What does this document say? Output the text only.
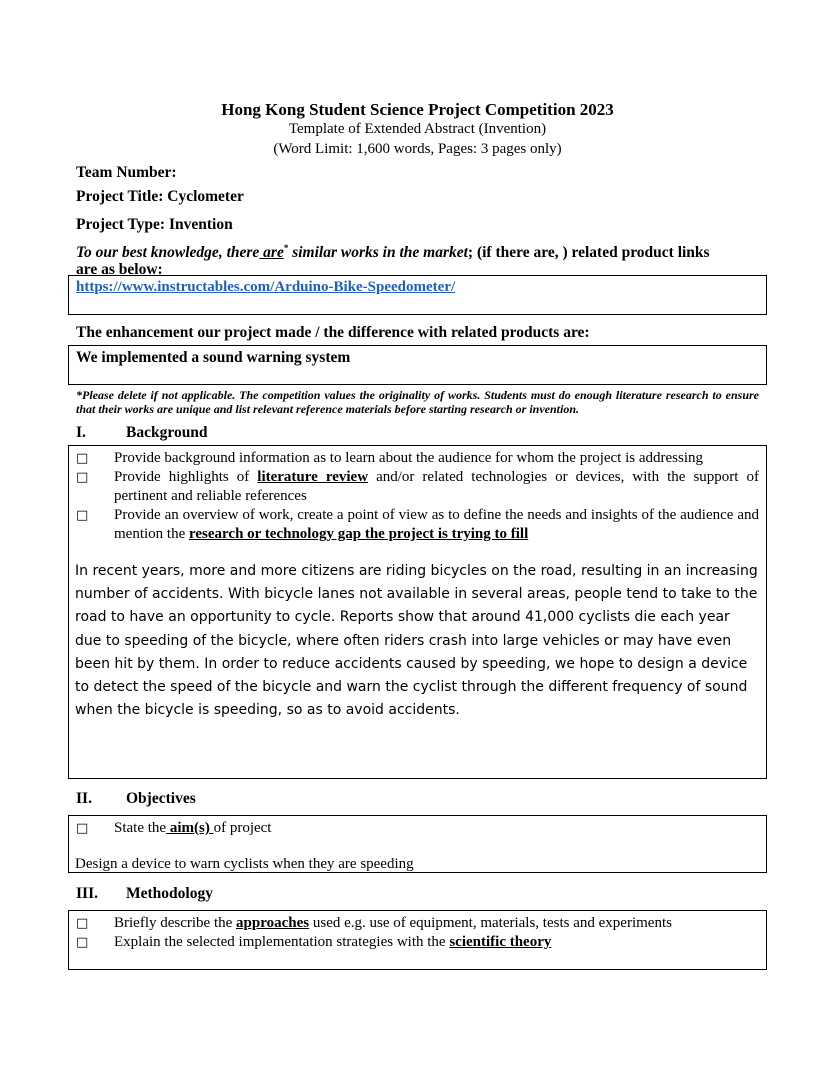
Hong Kong Student Science Project Competition 2023
Template of Extended Abstract (Invention)
(Word Limit: 1,600 words, Pages: 3 pages only)
Team Number:
Project Title: Cyclometer
Project Type: Invention
To our best knowledge, there are* similar works in the market; (if there are, ) related product links
are as below:
https://www.instructables.com/Arduino-Bike-Speedometer/
The enhancement our project made / the difference with related products are:
We implemented a sound warning system
*Please delete if not applicable. The competition values the originality of works. Students must do enough literature research to ensure that their works are unique and list relevant reference materials before starting research or invention.
I.	Background
□	Provide background information as to learn about the audience for whom the project is addressing
□	Provide highlights of literature review and/or related technologies or devices, with the support of pertinent and reliable references
□	Provide an overview of work, create a point of view as to define the needs and insights of the audience and mention the research or technology gap the project is trying to fill
In recent years, more and more citizens are riding bicycles on the road, resulting in an increasing number of accidents. With bicycle lanes not available in several areas, people tend to take to the road to have an opportunity to cycle. Reports show that around 41,000 cyclists die each year due to speeding of the bicycle, where often riders crash into large vehicles or may have even been hit by them. In order to reduce accidents caused by speeding, we hope to design a device to detect the speed of the bicycle and warn the cyclist through the different frequency of sound when the bicycle is speeding, so as to avoid accidents.
II. Objectives
□	State the aim(s) of project
Design a device to warn cyclists when they are speeding
III. Methodology
□	Briefly describe the approaches used e.g. use of equipment, materials, tests and experiments
□	Explain the selected implementation strategies with the scientific theory
